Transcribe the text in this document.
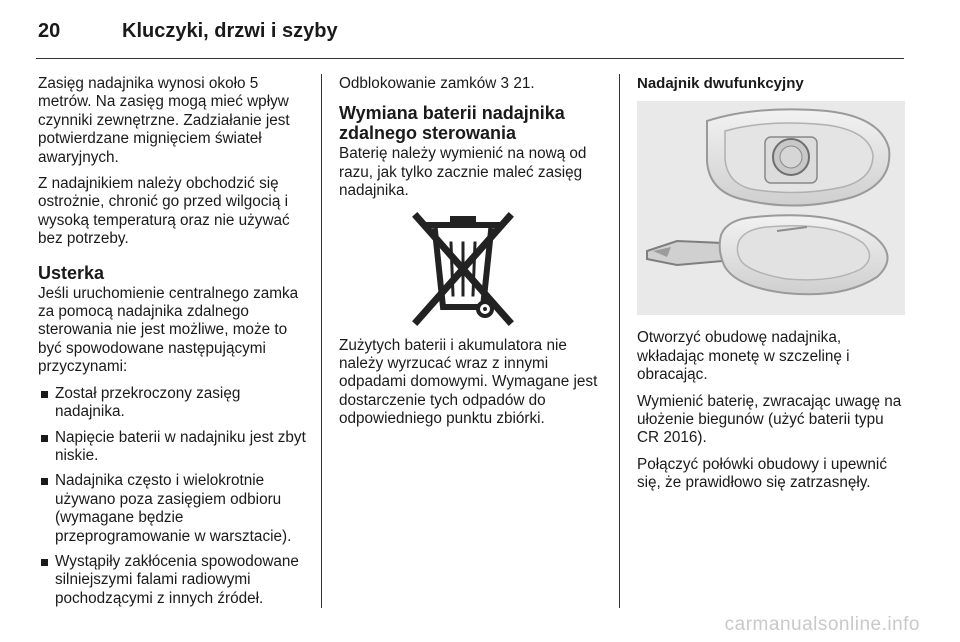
20	Kluczyki, drzwi i szyby

Zasięg nadajnika wynosi około 5 metrów. Na zasięg mogą mieć wpływ czynniki zewnętrzne. Zadziałanie jest potwierdzane mignięciem świateł awaryjnych.

Z nadajnikiem należy obchodzić się ostrożnie, chronić go przed wilgocią i wysoką temperaturą oraz nie używać bez potrzeby.

Usterka

Jeśli uruchomienie centralnego zamka za pomocą nadajnika zdalnego sterowania nie jest możliwe, może to być spowodowane następującymi przyczynami:

Został przekroczony zasięg nadajnika.
Napięcie baterii w nadajniku jest zbyt niskie.
Nadajnika często i wielokrotnie używano poza zasięgiem odbioru (wymagane będzie przeprogramowanie w warsztacie).
Wystąpiły zakłócenia spowodowane silniejszymi falami radiowymi pochodzącymi z innych źródeł.

Odblokowanie zamków 3 21.

Wymiana baterii nadajnika zdalnego sterowania

Baterię należy wymienić na nową od razu, jak tylko zacznie maleć zasięg nadajnika.

Zużytych baterii i akumulatora nie należy wyrzucać wraz z innymi odpadami domowymi. Wymagane jest dostarczenie tych odpadów do odpowiedniego punktu zbiórki.

Nadajnik dwufunkcyjny

Otworzyć obudowę nadajnika, wkładając monetę w szczelinę i obracając.

Wymienić baterię, zwracając uwagę na ułożenie biegunów (użyć baterii typu CR 2016).

Połączyć połówki obudowy i upewnić się, że prawidłowo się zatrzasnęły.

carmanualsonline.info
